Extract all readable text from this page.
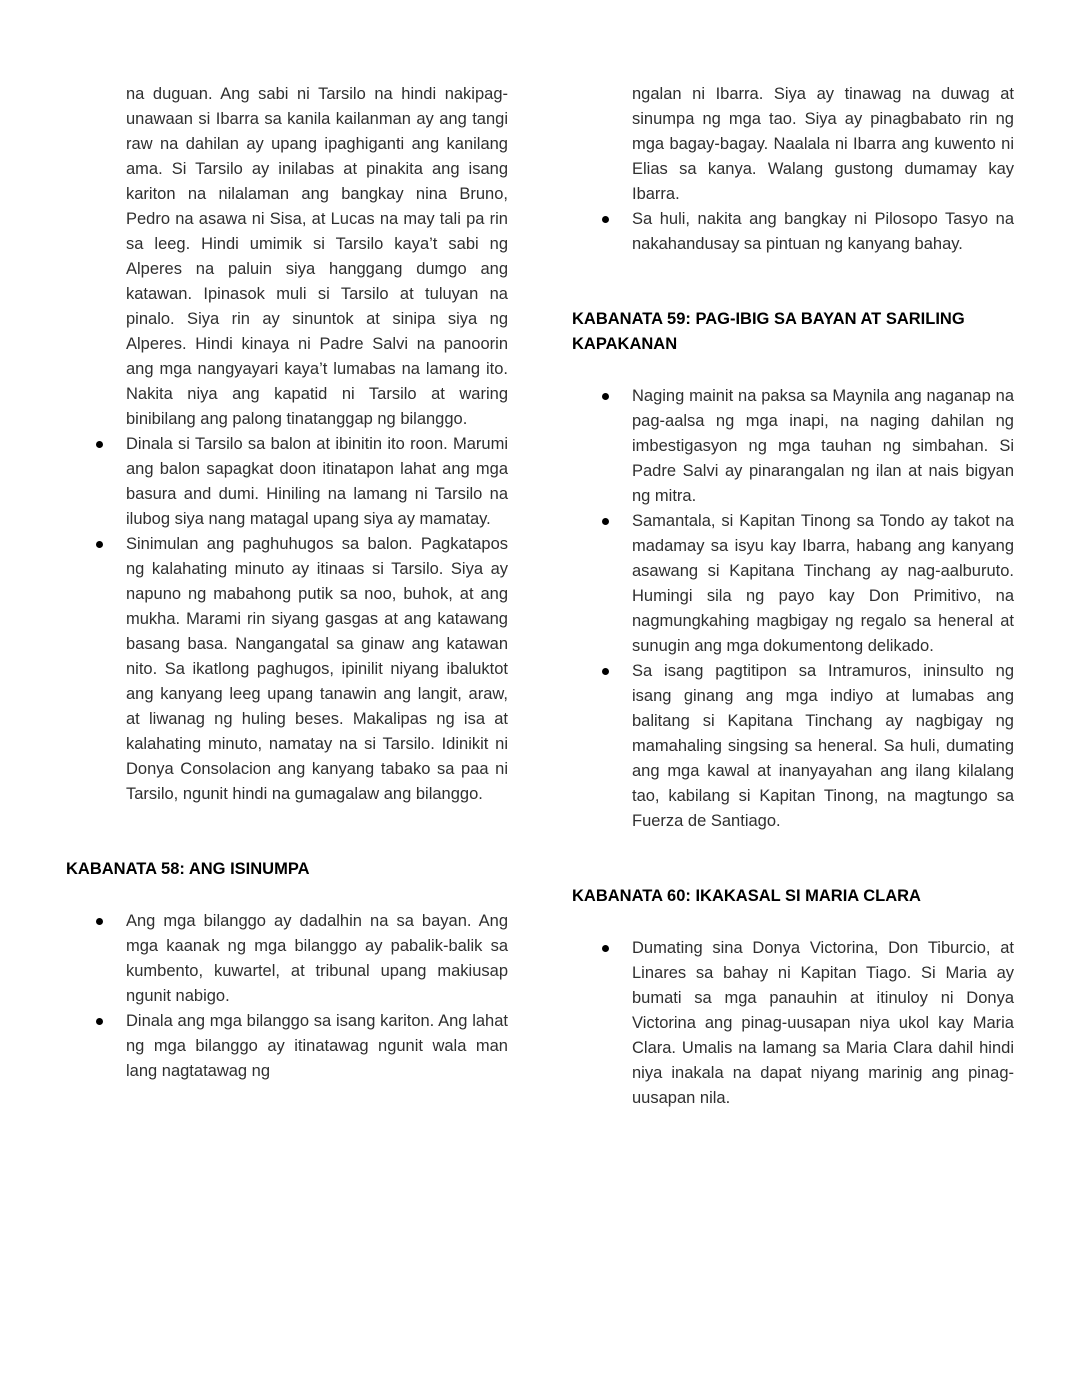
na duguan. Ang sabi ni Tarsilo na hindi nakipag-unawaan si Ibarra sa kanila kailanman ay ang tangi raw na dahilan ay upang ipaghiganti ang kanilang ama. Si Tarsilo ay inilabas at pinakita ang isang kariton na nilalaman ang bangkay nina Bruno, Pedro na asawa ni Sisa, at Lucas na may tali pa rin sa leeg. Hindi umimik si Tarsilo kaya’t sabi ng Alperes na paluin siya hanggang dumgo ang katawan. Ipinasok muli si Tarsilo at tuluyan na pinalo. Siya rin ay sinuntok at sinipa siya ng Alperes. Hindi kinaya ni Padre Salvi na panoorin ang mga nangyayari kaya’t lumabas na lamang ito. Nakita niya ang kapatid ni Tarsilo at waring binibilang ang palong tinatanggap ng bilanggo.
Dinala si Tarsilo sa balon at ibinitin ito roon. Marumi ang balon sapagkat doon itinatapon lahat ang mga basura and dumi. Hiniling na lamang ni Tarsilo na ilubog siya nang matagal upang siya ay mamatay.
Sinimulan ang paghuhugos sa balon. Pagkatapos ng kalahating minuto ay itinaas si Tarsilo. Siya ay napuno ng mabahong putik sa noo, buhok, at ang mukha. Marami rin siyang gasgas at ang katawang basang basa. Nangangatal sa ginaw ang katawan nito. Sa ikatlong paghugos, ipinilit niyang ibaluktot ang kanyang leeg upang tanawin ang langit, araw, at liwanag ng huling beses. Makalipas ng isa at kalahating minuto, namatay na si Tarsilo. Idinikit ni Donya Consolacion ang kanyang tabako sa paa ni Tarsilo, ngunit hindi na gumagalaw ang bilanggo.
KABANATA 58: ANG ISINUMPA
Ang mga bilanggo ay dadalhin na sa bayan. Ang mga kaanak ng mga bilanggo ay pabalik-balik sa kumbento, kuwartel, at tribunal upang makiusap ngunit nabigo.
Dinala ang mga bilanggo sa isang kariton. Ang lahat ng mga bilanggo ay itinatawag ngunit wala man lang nagtatawag ng
ngalan ni Ibarra. Siya ay tinawag na duwag at sinumpa ng mga tao. Siya ay pinagbabato rin ng mga bagay-bagay. Naalala ni Ibarra ang kuwento ni Elias sa kanya. Walang gustong dumamay kay Ibarra.
Sa huli, nakita ang bangkay ni Pilosopo Tasyo na nakahandusay sa pintuan ng kanyang bahay.
KABANATA 59: PAG-IBIG SA BAYAN AT SARILING KAPAKANAN
Naging mainit na paksa sa Maynila ang naganap na pag-aalsa ng mga inapi, na naging dahilan ng imbestigasyon ng mga tauhan ng simbahan. Si Padre Salvi ay pinarangalan ng ilan at nais bigyan ng mitra.
Samantala, si Kapitan Tinong sa Tondo ay takot na madamay sa isyu kay Ibarra, habang ang kanyang asawang si Kapitana Tinchang ay nag-aalburuto. Humingi sila ng payo kay Don Primitivo, na nagmungkahing magbigay ng regalo sa heneral at sunugin ang mga dokumentong delikado.
Sa isang pagtitipon sa Intramuros, ininsulto ng isang ginang ang mga indiyo at lumabas ang balitang si Kapitana Tinchang ay nagbigay ng mamahaling singsing sa heneral. Sa huli, dumating ang mga kawal at inanyayahan ang ilang kilalang tao, kabilang si Kapitan Tinong, na magtungo sa Fuerza de Santiago.
KABANATA 60: IKAKASAL SI MARIA CLARA
Dumating sina Donya Victorina, Don Tiburcio, at Linares sa bahay ni Kapitan Tiago. Si Maria ay bumati sa mga panauhin at itinuloy ni Donya Victorina ang pinag-uusapan niya ukol kay Maria Clara. Umalis na lamang sa Maria Clara dahil hindi niya inakala na dapat niyang marinig ang pinag-uusapan nila.
